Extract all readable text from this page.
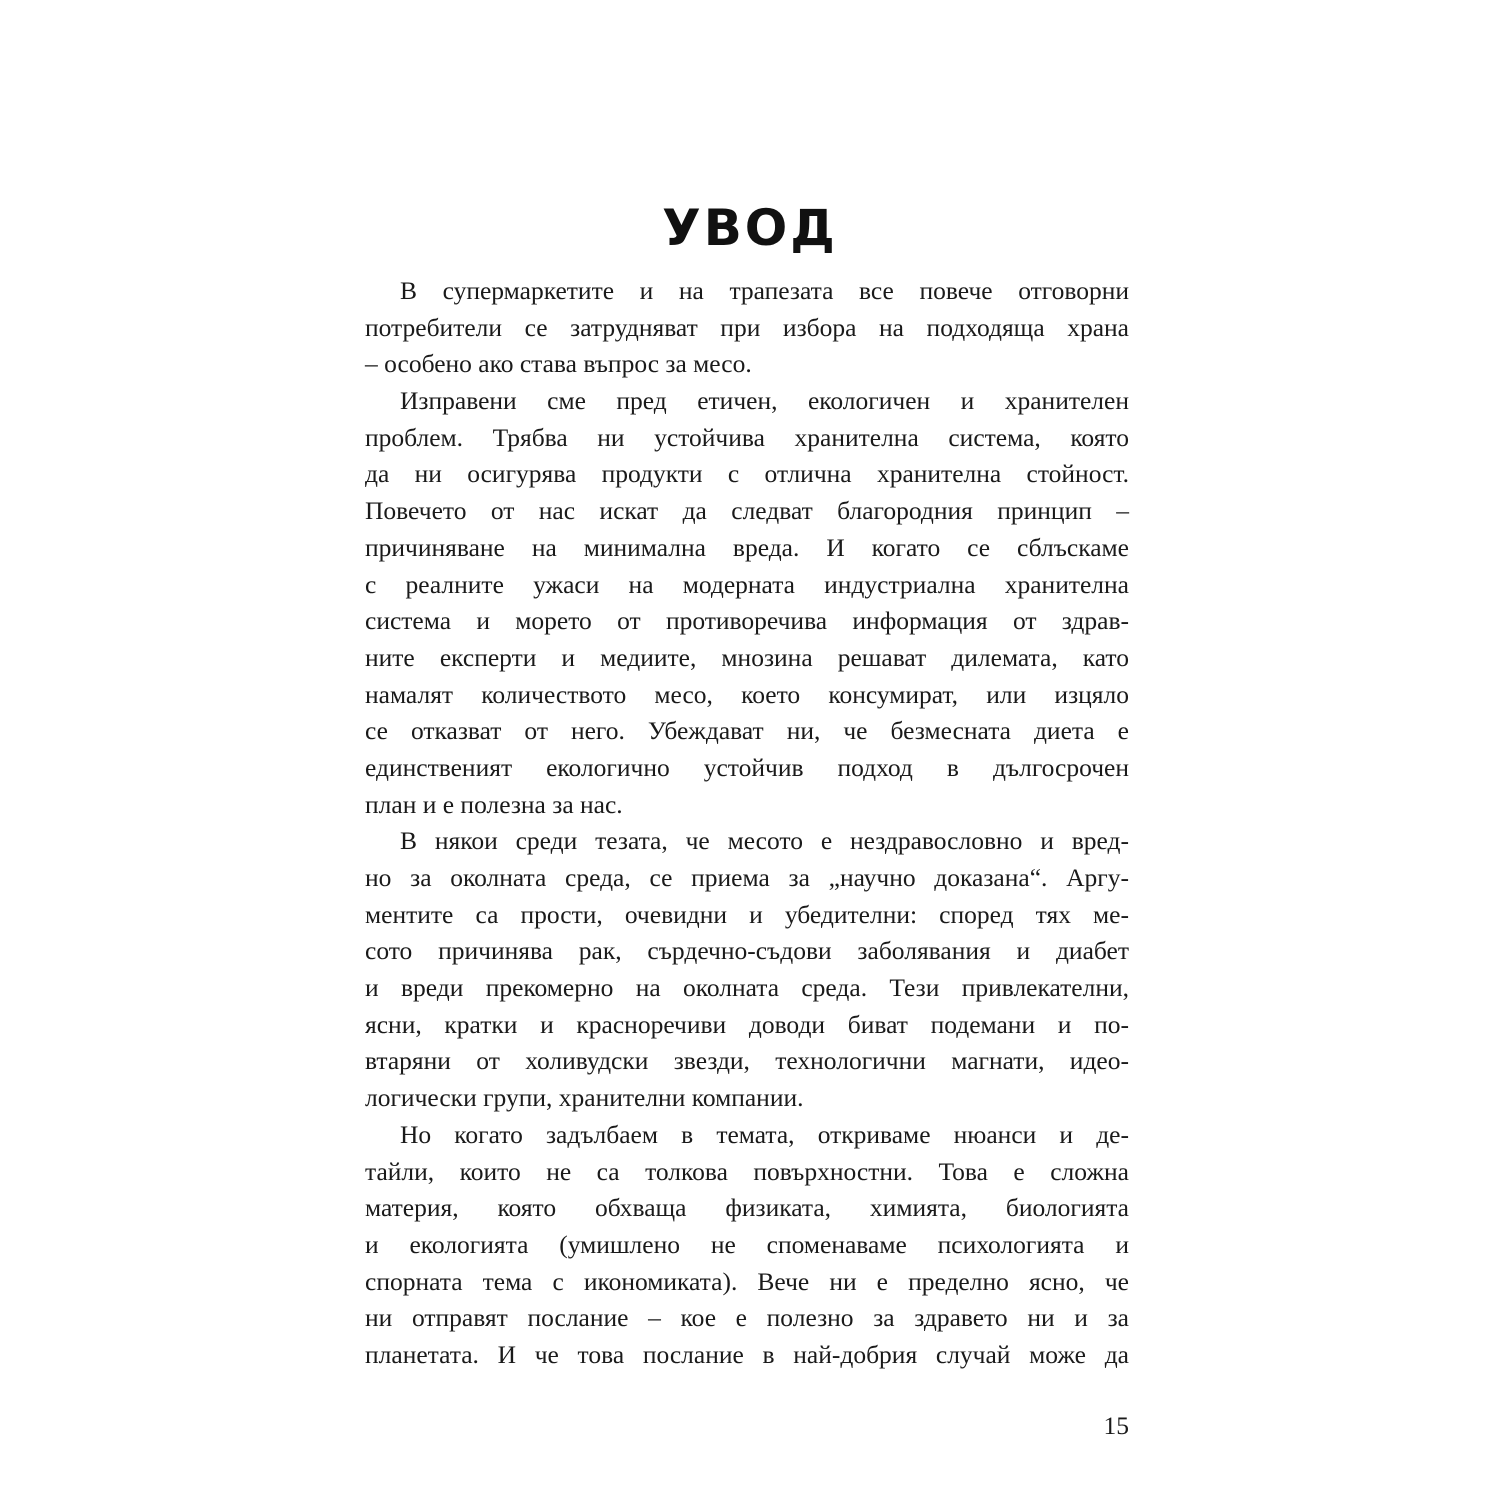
УВОД
В супермаркетите и на трапезата все повече отговорни
потребители се затрудняват при избора на подходяща храна
– особено ако става въпрос за месо.
Изправени сме пред етичен, екологичен и хранителен
проблем. Трябва ни устойчива хранителна система, която
да ни осигурява продукти с отлична хранителна стойност.
Повечето от нас искат да следват благородния принцип –
причиняване на минимална вреда. И когато се сблъскаме
с реалните ужаси на модерната индустриална хранителна
система и морето от противоречива информация от здрав-
ните експерти и медиите, мнозина решават дилемата, като
намалят количеството месо, което консумират, или изцяло
се отказват от него. Убеждават ни, че безмесната диета е
единственият екологично устойчив подход в дългосрочен
план и е полезна за нас.
В някои среди тезата, че месото е нездравословно и вред-
но за околната среда, се приема за „научно доказана“. Аргу-
ментите са прости, очевидни и убедителни: според тях ме-
сото причинява рак, сърдечно-съдови заболявания и диабет
и вреди прекомерно на околната среда. Тези привлекателни,
ясни, кратки и красноречиви доводи биват подемани и по-
втаряни от холивудски звезди, технологични магнати, идео-
логически групи, хранителни компании.
Но когато задълбаем в темата, откриваме нюанси и де-
тайли, които не са толкова повърхностни. Това е сложна
материя, която обхваща физиката, химията, биологията
и екологията (умишлено не споменаваме психологията и
спорната тема с икономиката). Вече ни е пределно ясно, че
ни отправят послание – кое е полезно за здравето ни и за
планетата. И че това послание в най-добрия случай може да
15
